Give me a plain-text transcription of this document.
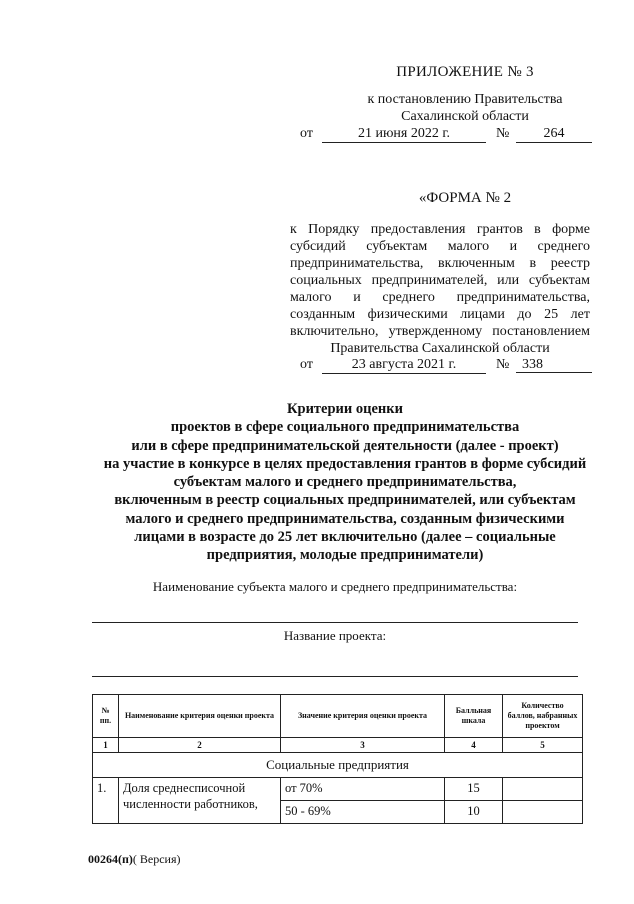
ПРИЛОЖЕНИЕ № 3
к постановлению Правительства
Сахалинской области
от	21 июня 2022 г.	№	264
«ФОРМА № 2
к Порядку предоставления грантов в форме субсидий субъектам малого и среднего предпринимательства, включенным в реестр социальных предпринимателей, или субъектам малого и среднего предпринимательства, созданным физическими лицами до 25 лет включительно, утвержденному постановлением Правительства Сахалинской области
от	23 августа 2021 г.	№ 338
Критерии оценки
проектов в сфере социального предпринимательства
или в сфере предпринимательской деятельности (далее - проект)
на участие в конкурсе в целях предоставления грантов в форме субсидий
субъектам малого и среднего предпринимательства,
включенным в реестр социальных предпринимателей, или субъектам
малого и среднего предпринимательства, созданным физическими
лицами в возрасте до 25 лет включительно (далее – социальные
предприятия, молодые предприниматели)
Наименование субъекта малого и среднего предпринимательства:
Название проекта:
№ пп.	Наименование критерия оценки проекта	Значение критерия оценки проекта	Балльная шкала	Количество баллов, набранных проектом
1	2	3	4	5
Социальные предприятия				
1.	Доля среднесписочной численности работников,	от 70%	15	
		50 - 69%	10	
00264(п)( Версия)
